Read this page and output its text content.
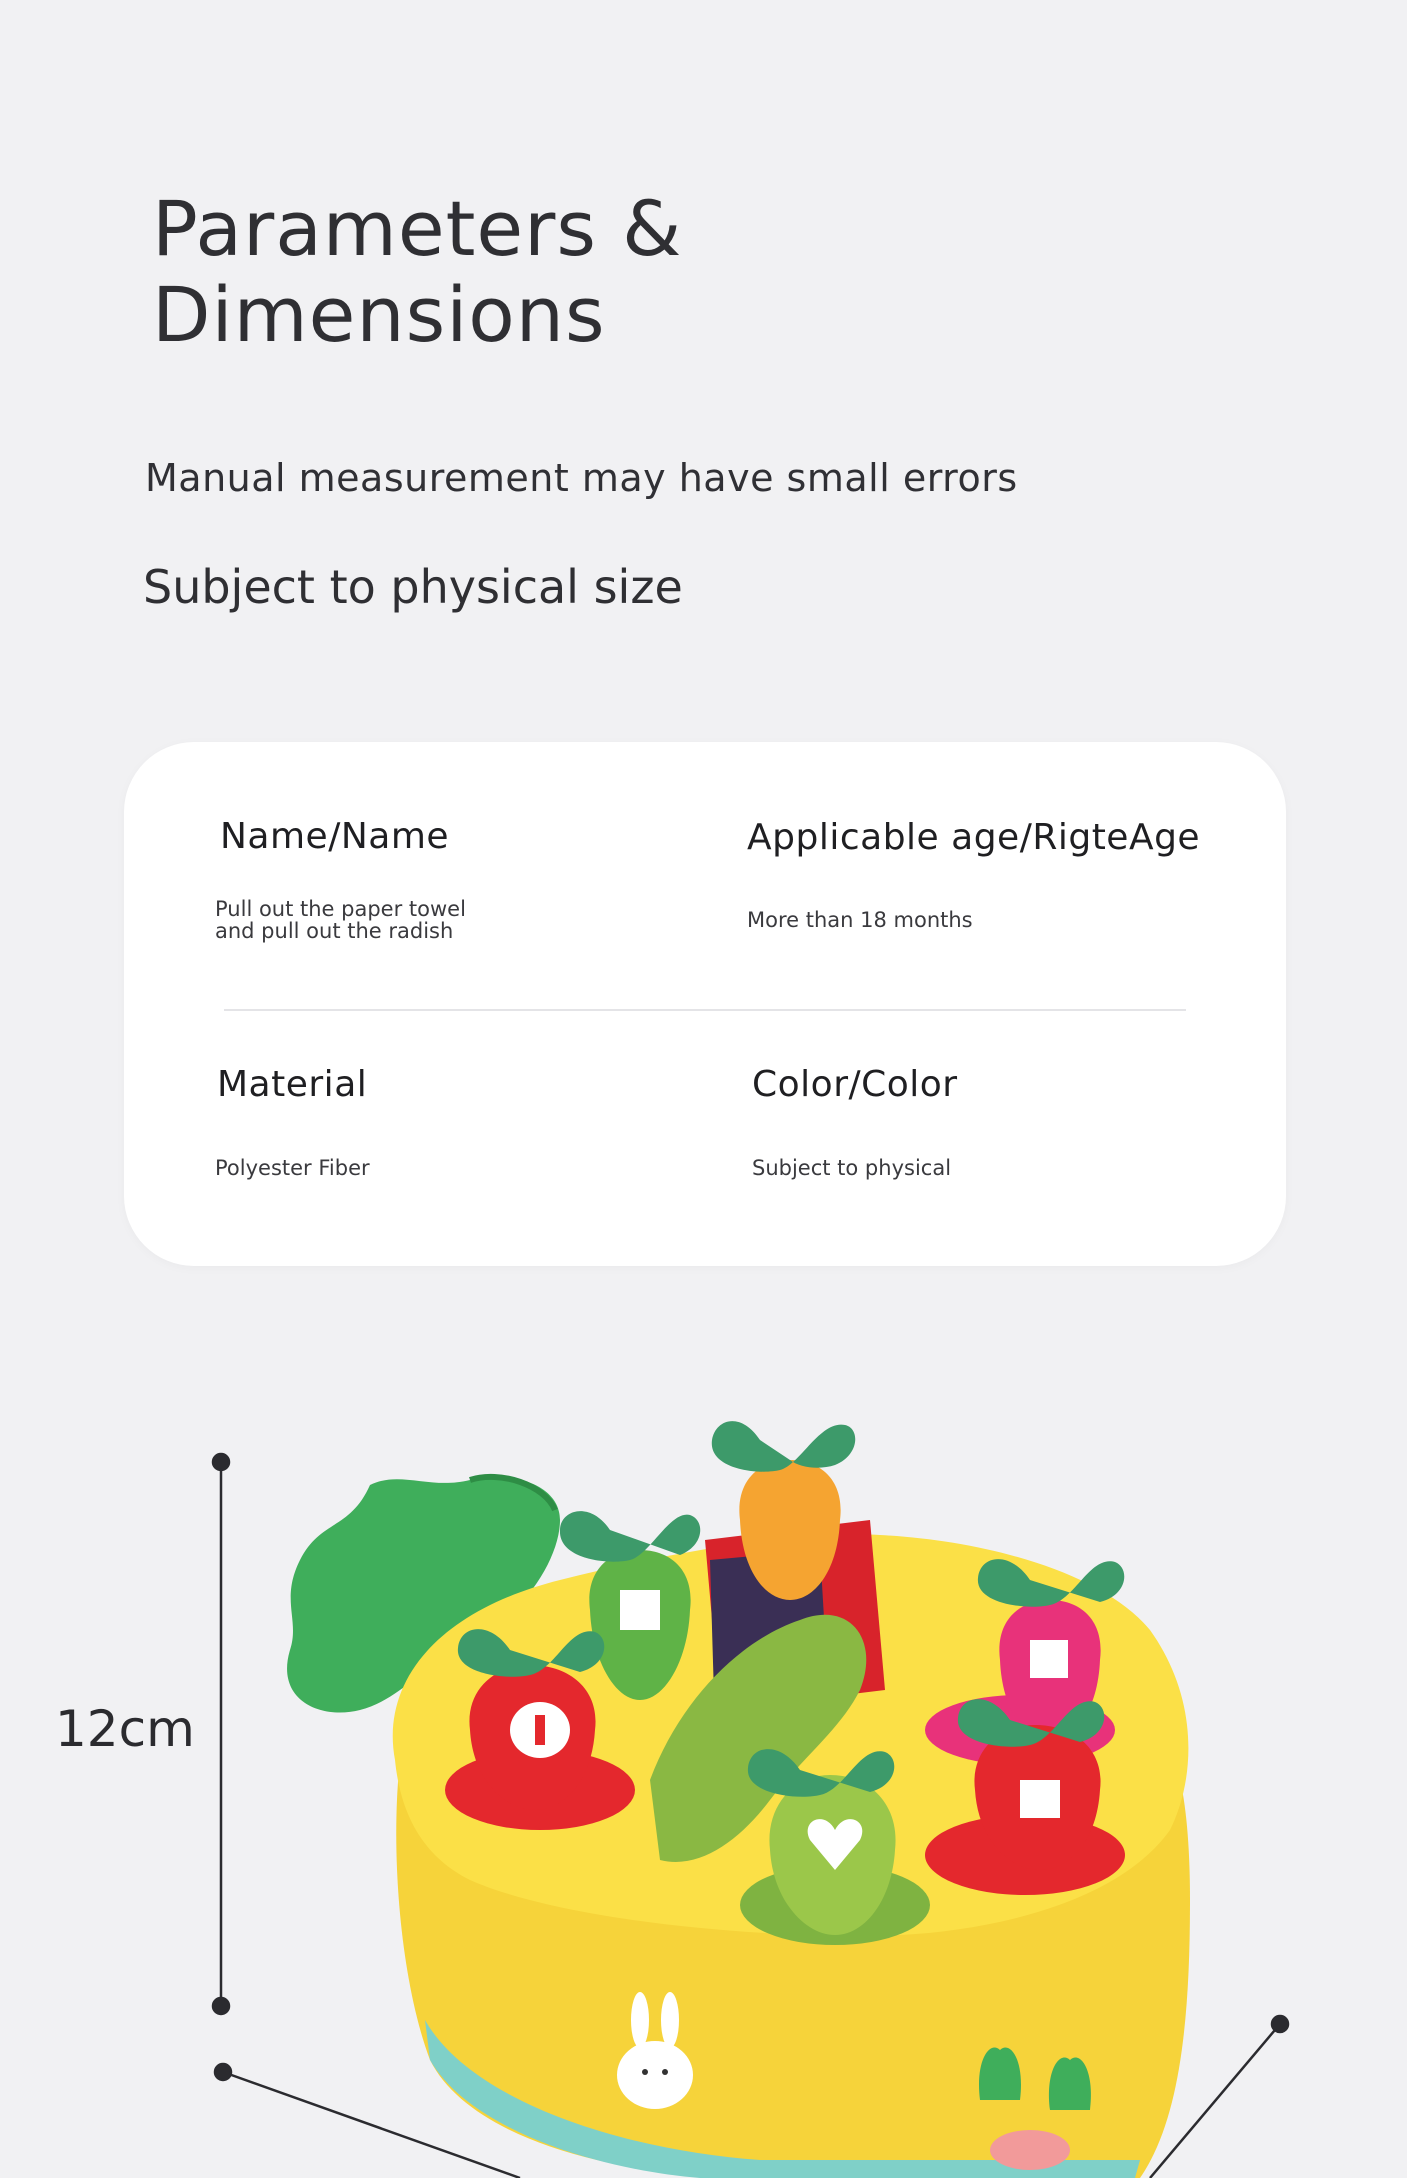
Parameters &
Dimensions
Manual measurement may have small errors
Subject to physical size
Name/Name
Pull out the paper towel
and pull out the radish
Applicable age/RigteAge
More than 18 months
Material
Polyester Fiber
Color/Color
Subject to physical
12cm
